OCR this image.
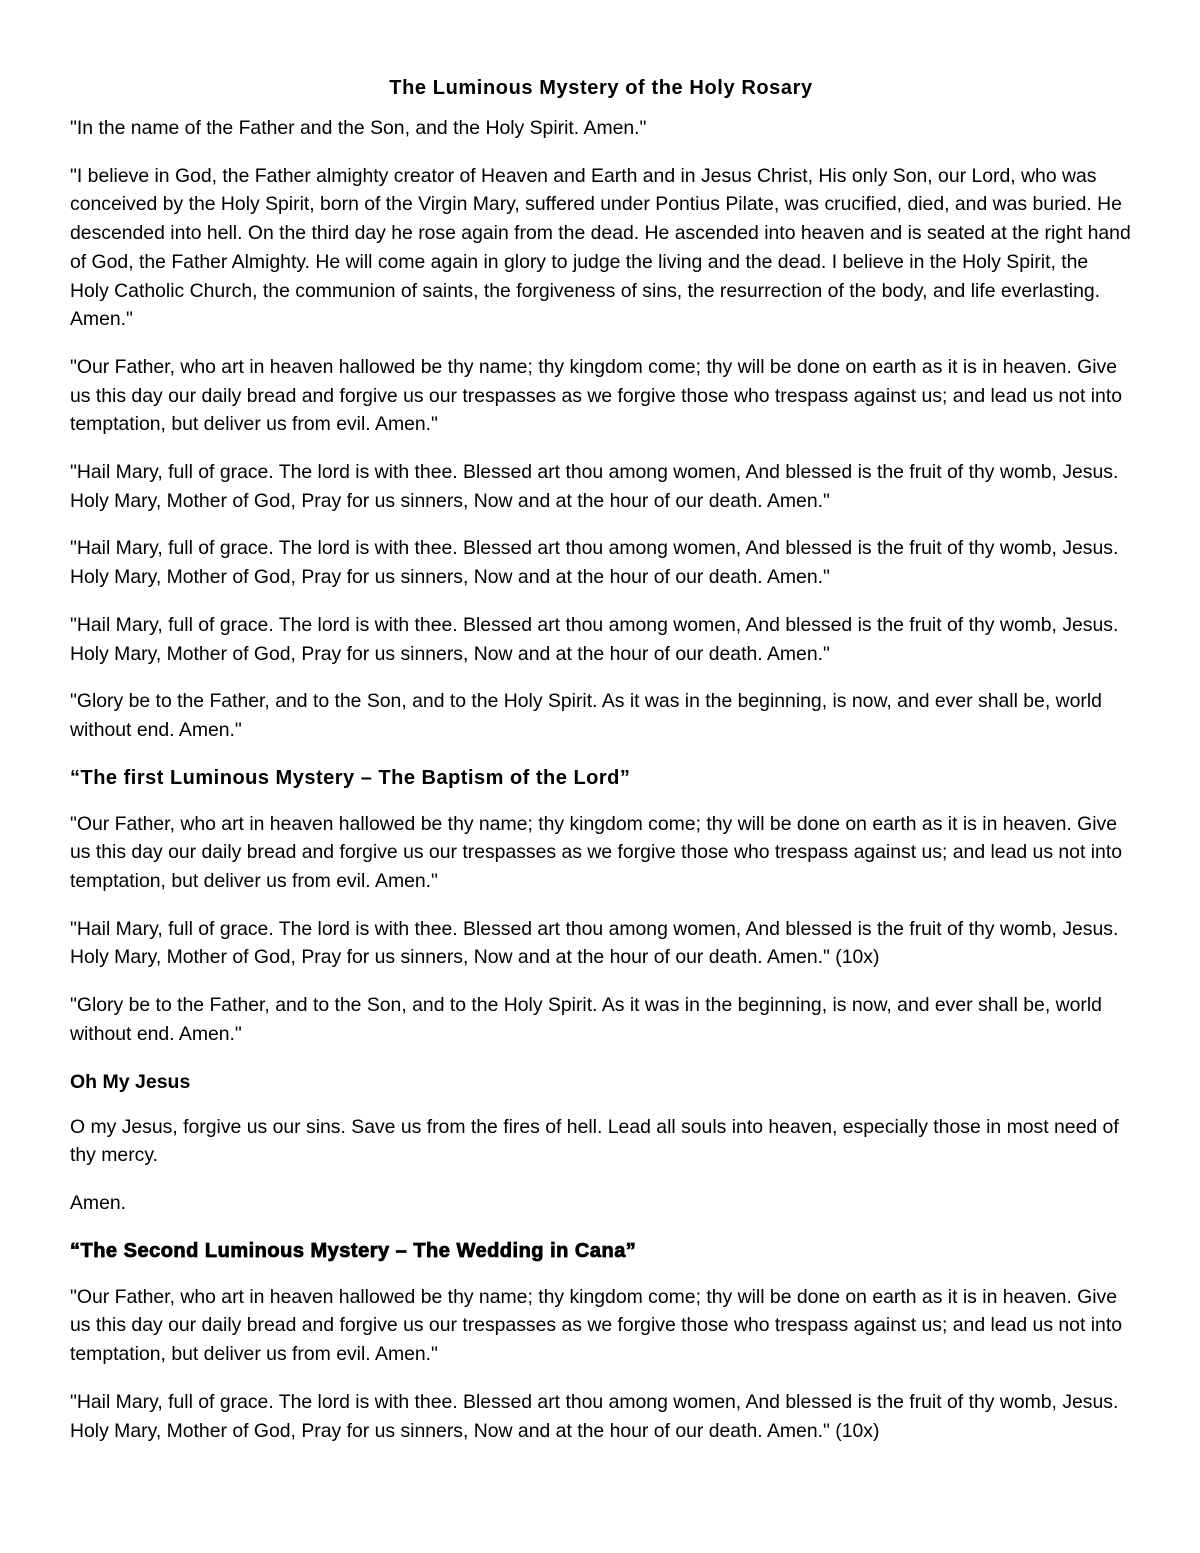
The Luminous Mystery of the Holy Rosary

"In the name of the Father and the Son, and the Holy Spirit. Amen."

"I believe in God, the Father almighty creator of Heaven and Earth and in Jesus Christ, His only Son, our Lord, who was conceived by the Holy Spirit, born of the Virgin Mary, suffered under Pontius Pilate, was crucified, died, and was buried. He descended into hell. On the third day he rose again from the dead. He ascended into heaven and is seated at the right hand of God, the Father Almighty. He will come again in glory to judge the living and the dead. I believe in the Holy Spirit, the Holy Catholic Church, the communion of saints, the forgiveness of sins, the resurrection of the body, and life everlasting. Amen."

"Our Father, who art in heaven hallowed be thy name; thy kingdom come; thy will be done on earth as it is in heaven. Give us this day our daily bread and forgive us our trespasses as we forgive those who trespass against us; and lead us not into temptation, but deliver us from evil. Amen."

"Hail Mary, full of grace. The lord is with thee. Blessed art thou among women, And blessed is the fruit of thy womb, Jesus. Holy Mary, Mother of God, Pray for us sinners, Now and at the hour of our death. Amen."

"Hail Mary, full of grace. The lord is with thee. Blessed art thou among women, And blessed is the fruit of thy womb, Jesus. Holy Mary, Mother of God, Pray for us sinners, Now and at the hour of our death. Amen."

"Hail Mary, full of grace. The lord is with thee. Blessed art thou among women, And blessed is the fruit of thy womb, Jesus. Holy Mary, Mother of God, Pray for us sinners, Now and at the hour of our death. Amen."

"Glory be to the Father, and to the Son, and to the Holy Spirit. As it was in the beginning, is now, and ever shall be, world without end. Amen."

“The first Luminous Mystery – The Baptism of the Lord”

"Our Father, who art in heaven hallowed be thy name; thy kingdom come; thy will be done on earth as it is in heaven. Give us this day our daily bread and forgive us our trespasses as we forgive those who trespass against us; and lead us not into temptation, but deliver us from evil. Amen."

"Hail Mary, full of grace. The lord is with thee. Blessed art thou among women, And blessed is the fruit of thy womb, Jesus. Holy Mary, Mother of God, Pray for us sinners, Now and at the hour of our death. Amen." (10x)

"Glory be to the Father, and to the Son, and to the Holy Spirit. As it was in the beginning, is now, and ever shall be, world without end. Amen."

Oh My Jesus

O my Jesus, forgive us our sins. Save us from the fires of hell. Lead all souls into heaven, especially those in most need of thy mercy.

Amen.

“The Second Luminous Mystery – The Wedding in Cana”

"Our Father, who art in heaven hallowed be thy name; thy kingdom come; thy will be done on earth as it is in heaven. Give us this day our daily bread and forgive us our trespasses as we forgive those who trespass against us; and lead us not into temptation, but deliver us from evil. Amen."

"Hail Mary, full of grace. The lord is with thee. Blessed art thou among women, And blessed is the fruit of thy womb, Jesus. Holy Mary, Mother of God, Pray for us sinners, Now and at the hour of our death. Amen." (10x)
